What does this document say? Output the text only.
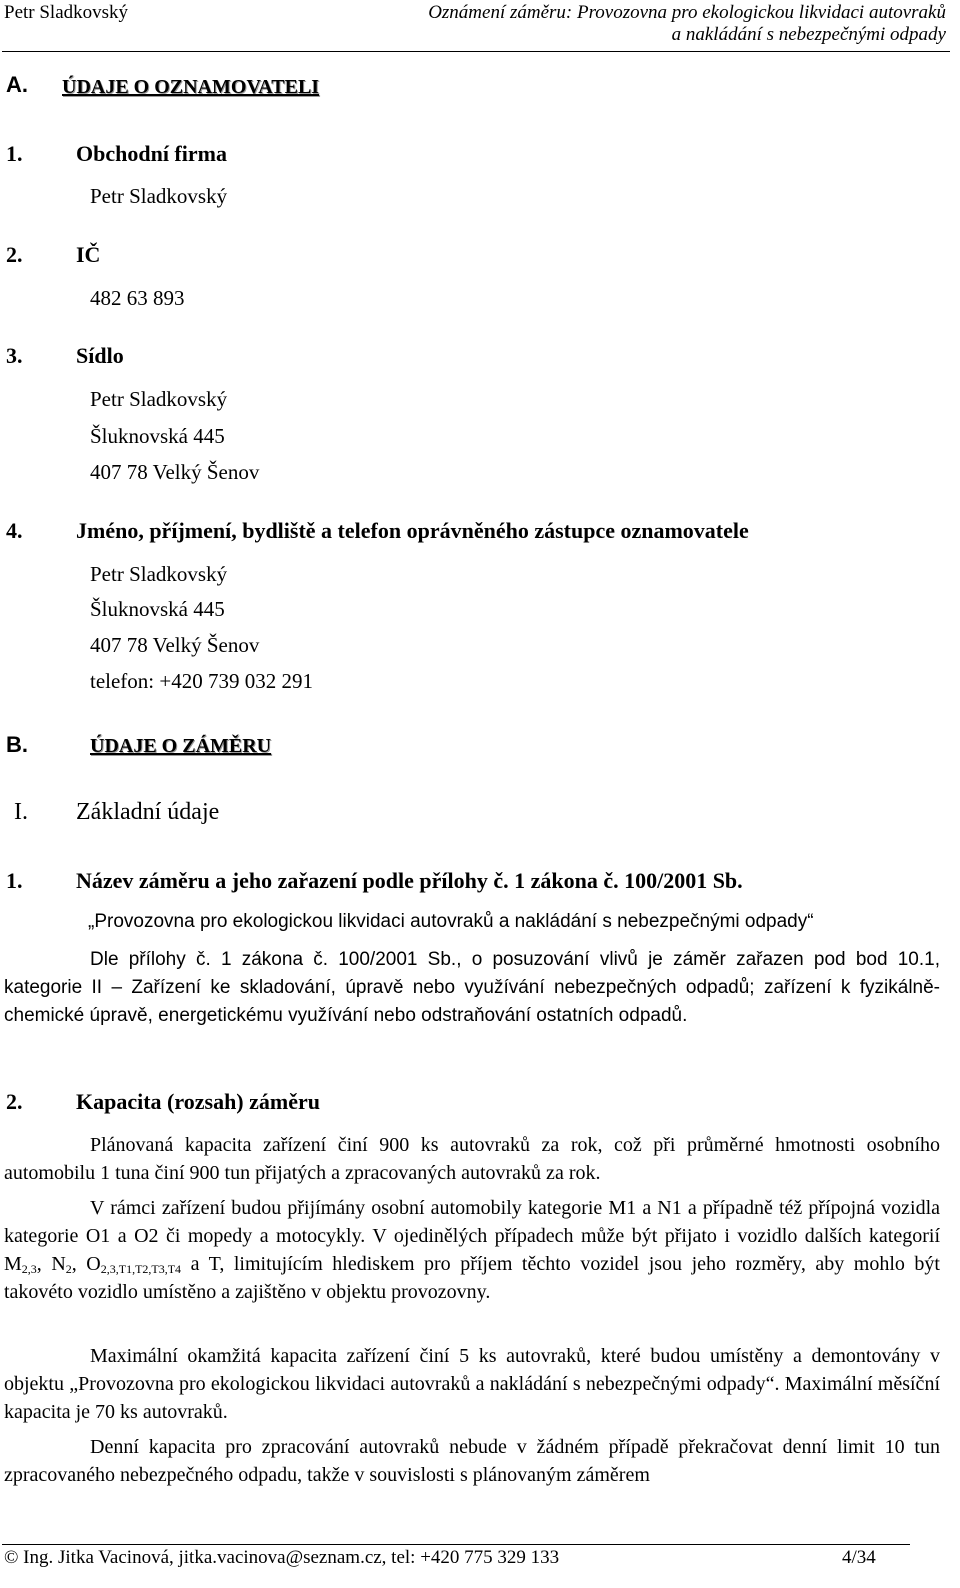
Petr Sladkovský	Oznámení záměru: Provozovna pro ekologickou likvidaci autovraků
a nakládání s nebezpečnými odpady
A. ÚDAJE O OZNAMOVATELI
1. Obchodní firma
Petr Sladkovský
2. IČ
482 63 893
3. Sídlo
Petr Sladkovský
Šluknovská 445
407 78 Velký Šenov
4. Jméno, příjmení, bydliště a telefon oprávněného zástupce oznamovatele
Petr Sladkovský
Šluknovská 445
407 78 Velký Šenov
telefon: +420 739 032 291
B.	ÚDAJE O ZÁMĚRU
I. Základní údaje
1. Název záměru a jeho zařazení podle přílohy č. 1 zákona č. 100/2001 Sb.
„Provozovna pro ekologickou likvidaci autovraků a nakládání s nebezpečnými odpady“
Dle přílohy č. 1 zákona č. 100/2001 Sb., o posuzování vlivů je záměr zařazen pod bod 10.1, kategorie II – Zařízení ke skladování, úpravě nebo využívání nebezpečných odpadů; zařízení k fyzikálně-chemické úpravě, energetickému využívání nebo odstraňování ostatních odpadů.
2. Kapacita (rozsah) záměru
Plánovaná kapacita zařízení činí 900 ks autovraků za rok, což při průměrné hmotnosti osobního automobilu 1 tuna činí 900 tun přijatých a zpracovaných autovraků za rok.
V rámci zařízení budou přijímány osobní automobily kategorie M1 a N1 a případně též přípojná vozidla kategorie O1 a O2 či mopedy a motocykly. V ojedinělých případech může být přijato i vozidlo dalších kategorií $M_{2,3}$, $N_2$, $O_{2,3,T1,T2,T3,T4}$ a T, limitujícím hlediskem pro příjem těchto vozidel jsou jeho rozměry, aby mohlo být takovéto vozidlo umístěno a zajištěno v objektu provozovny.
Maximální okamžitá kapacita zařízení činí 5 ks autovraků, které budou umístěny a demontovány v objektu „Provozovna pro ekologickou likvidaci autovraků a nakládání s nebezpečnými odpady“. Maximální měsíční kapacita je 70 ks autovraků.
Denní kapacita pro zpracování autovraků nebude v žádném případě překračovat denní limit 10 tun zpracovaného nebezpečného odpadu, takže v souvislosti s plánovaným záměrem
© Ing. Jitka Vacinová, jitka.vacinova@seznam.cz, tel: +420 775 329 133	4/34
